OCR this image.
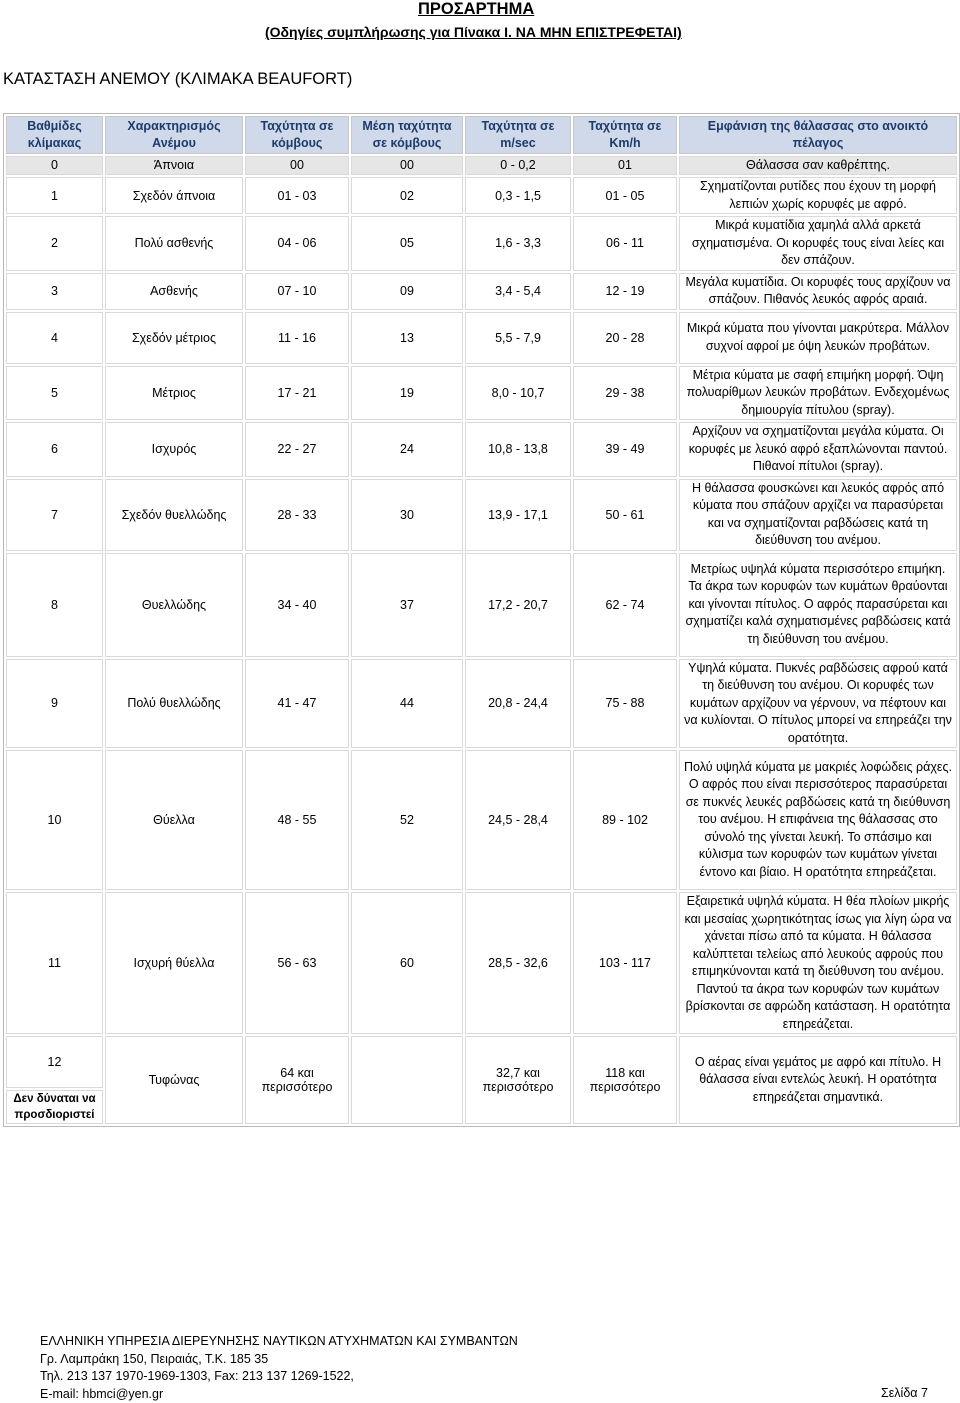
ΠΡΟΣΑΡΤΗΜΑ
(Οδηγίες συμπλήρωσης για Πίνακα Ι. ΝΑ ΜΗΝ ΕΠΙΣΤΡΕΦΕΤΑΙ)
ΚΑΤΑΣΤΑΣΗ ΑΝΕΜΟΥ (ΚΛΙΜΑΚΑ BEAUFORT)
Βαθμίδες κλίμακας	Χαρακτηρισμός Ανέμου	Ταχύτητα σε κόμβους	Μέση ταχύτητα σε κόμβους	Ταχύτητα σε m/sec	Ταχύτητα σε Km/h	Εμφάνιση της θάλασσας στο ανοικτό πέλαγος
0	Άπνοια	00	00	0 - 0,2	01	Θάλασσα σαν καθρέπτης.
1	Σχεδόν άπνοια	01 - 03	02	0,3 - 1,5	01 - 05	Σχηματίζονται ρυτίδες που έχουν τη μορφή λεπιών χωρίς κορυφές με αφρό.
2	Πολύ ασθενής	04 - 06	05	1,6 - 3,3	06 - 11	Μικρά κυματίδια χαμηλά αλλά αρκετά σχηματισμένα. Οι κορυφές τους είναι λείες και δεν σπάζουν.
3	Ασθενής	07 - 10	09	3,4 - 5,4	12 - 19	Μεγάλα κυματίδια. Οι κορυφές τους αρχίζουν να σπάζουν. Πιθανός λευκός αφρός αραιά.
4	Σχεδόν μέτριος	11 - 16	13	5,5 - 7,9	20 - 28	Μικρά κύματα που γίνονται μακρύτερα. Μάλλον συχνοί αφροί με όψη λευκών προβάτων.
5	Μέτριος	17 - 21	19	8,0 - 10,7	29 - 38	Μέτρια κύματα με σαφή επιμήκη μορφή. Όψη πολυαρίθμων λευκών προβάτων. Ενδεχομένως δημιουργία πίτυλου (spray).
6	Ισχυρός	22 - 27	24	10,8 - 13,8	39 - 49	Αρχίζουν να σχηματίζονται μεγάλα κύματα. Οι κορυφές με λευκό αφρό εξαπλώνονται παντού. Πιθανοί πίτυλοι (spray).
7	Σχεδόν θυελλώδης	28 - 33	30	13,9 - 17,1	50 - 61	Η θάλασσα φουσκώνει και λευκός αφρός από κύματα που σπάζουν αρχίζει να παρασύρεται και να σχηματίζονται ραβδώσεις κατά τη διεύθυνση του ανέμου.
8	Θυελλώδης	34 - 40	37	17,2 - 20,7	62 - 74	Μετρίως υψηλά κύματα περισσότερο επιμήκη. Τα άκρα των κορυφών των κυμάτων θραύονται και γίνονται πίτυλος. Ο αφρός παρασύρεται και σχηματίζει καλά σχηματισμένες ραβδώσεις κατά τη διεύθυνση του ανέμου.
9	Πολύ θυελλώδης	41 - 47	44	20,8 - 24,4	75 - 88	Υψηλά κύματα. Πυκνές ραβδώσεις αφρού κατά τη διεύθυνση του ανέμου. Οι κορυφές των κυμάτων αρχίζουν να γέρνουν, να πέφτουν και να κυλίονται. Ο πίτυλος μπορεί να επηρεάζει την ορατότητα.
10	Θύελλα	48 - 55	52	24,5 - 28,4	89 - 102	Πολύ υψηλά κύματα με μακριές λοφώδεις ράχες. Ο αφρός που είναι περισσότερος παρασύρεται σε πυκνές λευκές ραβδώσεις κατά τη διεύθυνση του ανέμου. Η επιφάνεια της θάλασσας στο σύνολό της γίνεται λευκή. Το σπάσιμο και κύλισμα των κορυφών των κυμάτων γίνεται έντονο και βίαιο. Η ορατότητα επηρεάζεται.
11	Ισχυρή θύελλα	56 - 63	60	28,5 - 32,6	103 - 117	Εξαιρετικά υψηλά κύματα. Η θέα πλοίων μικρής και μεσαίας χωρητικότητας ίσως για λίγη ώρα να χάνεται πίσω από τα κύματα. Η θάλασσα καλύπτεται τελείως από λευκούς αφρούς που επιμηκύνονται κατά τη διεύθυνση του ανέμου. Παντού τα άκρα των κορυφών των κυμάτων βρίσκονται σε αφρώδη κατάσταση. Η ορατότητα επηρεάζεται.
12	Τυφώνας	64 και περισσότερο		32,7 και περισσότερο	118 και περισσότερο	Ο αέρας είναι γεμάτος με αφρό και πίτυλο. Η θάλασσα είναι εντελώς λευκή. Η ορατότητα επηρεάζεται σημαντικά.
Δεν δύναται να προσδιοριστεί						
ΕΛΛΗΝΙΚΗ ΥΠΗΡΕΣΙΑ ΔΙΕΡΕΥΝΗΣΗΣ ΝΑΥΤΙΚΩΝ ΑΤΥΧΗΜΑΤΩΝ ΚΑΙ ΣΥΜΒΑΝΤΩΝ
Γρ. Λαμπράκη 150, Πειραιάς, Τ.Κ. 185 35
Τηλ. 213 137 1970-1969-1303, Fax: 213 137 1269-1522,
E-mail: hbmci@yen.gr	Σελίδα 7
